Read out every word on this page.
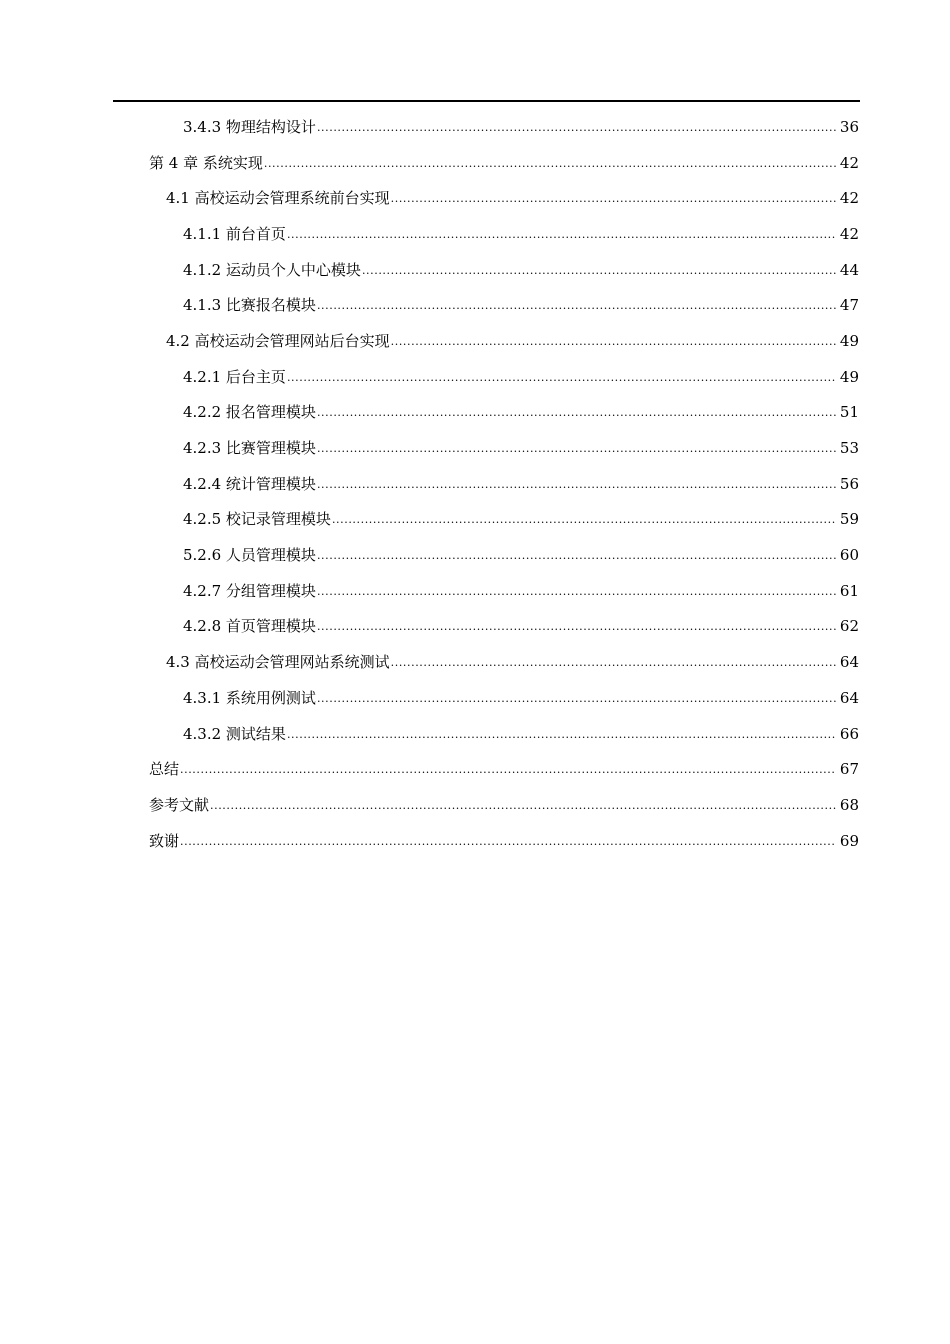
3.4.3 物理结构设计 .....	36
第 4 章 系统实现 .....	42
4.1 高校运动会管理系统前台实现 .....	42
4.1.1 前台首页 .....	42
4.1.2 运动员个人中心模块 .....	44
4.1.3 比赛报名模块 .....	47
4.2 高校运动会管理网站后台实现 .....	49
4.2.1 后台主页 .....	49
4.2.2 报名管理模块 .....	51
4.2.3 比赛管理模块 .....	53
4.2.4 统计管理模块 .....	56
4.2.5 校记录管理模块 .....	59
5.2.6 人员管理模块 .....	60
4.2.7 分组管理模块 .....	61
4.2.8 首页管理模块 .....	62
4.3 高校运动会管理网站系统测试 .....	64
4.3.1 系统用例测试 .....	64
4.3.2 测试结果 .....	66
总结 .....	67
参考文献 .....	68
致谢 .....	69
